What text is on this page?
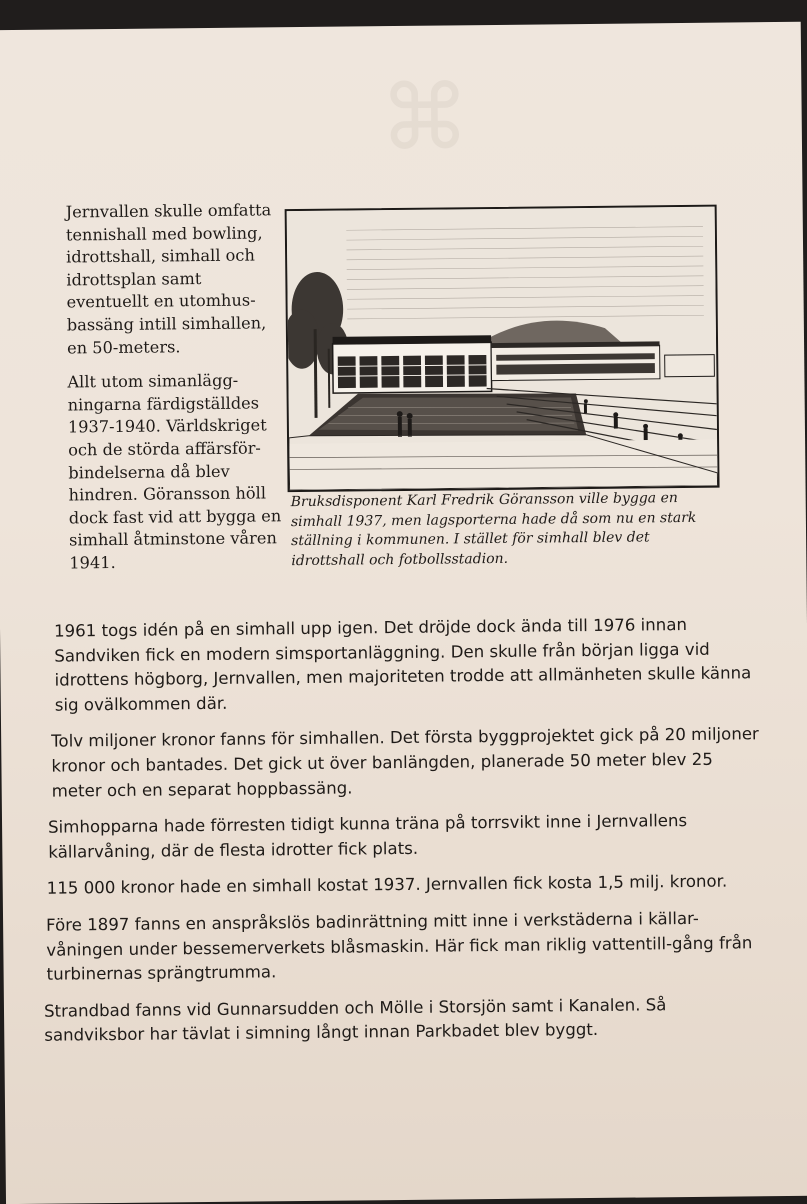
⌘

Jernvallen skulle omfatta tennishall med bowling, idrottshall, simhall och idrottsplan samt eventuellt en utomhus-bassäng intill simhallen, en 50-meters.

Allt utom simanlägg-ningarna färdigställdes 1937-1940. Världskriget och de störda affärsför-bindelserna då blev hindren. Göransson höll dock fast vid att bygga en simhall åtminstone våren 1941.

Bruksdisponent Karl Fredrik Göransson ville bygga en simhall 1937, men lagsporterna hade då som nu en stark ställning i kommunen. I stället för simhall blev det idrottshall och fotbollsstadion.

1961 togs idén på en simhall upp igen. Det dröjde dock ända till 1976 innan Sandviken fick en modern simsportanläggning. Den skulle från början ligga vid idrottens högborg, Jernvallen, men majoriteten trodde att allmänheten skulle känna sig ovälkommen där.

Tolv miljoner kronor fanns för simhallen. Det första byggprojektet gick på 20 miljoner kronor och bantades. Det gick ut över banlängden, planerade 50 meter blev 25 meter och en separat hoppbassäng.

Simhopparna hade förresten tidigt kunna träna på torrsvikt inne i Jernvallens källarvåning, där de flesta idrotter fick plats.

115 000 kronor hade en simhall kostat 1937. Jernvallen fick kosta 1,5 milj. kronor.

Före 1897 fanns en anspråkslös badinrättning mitt inne i verkstäderna i källar-våningen under bessemerverkets blåsmaskin. Här fick man riklig vattentill-gång från turbinernas sprängtrumma.

Strandbad fanns vid Gunnarsudden och Mölle i Storsjön samt i Kanalen. Så sandviksbor har tävlat i simning långt innan Parkbadet blev byggt.
